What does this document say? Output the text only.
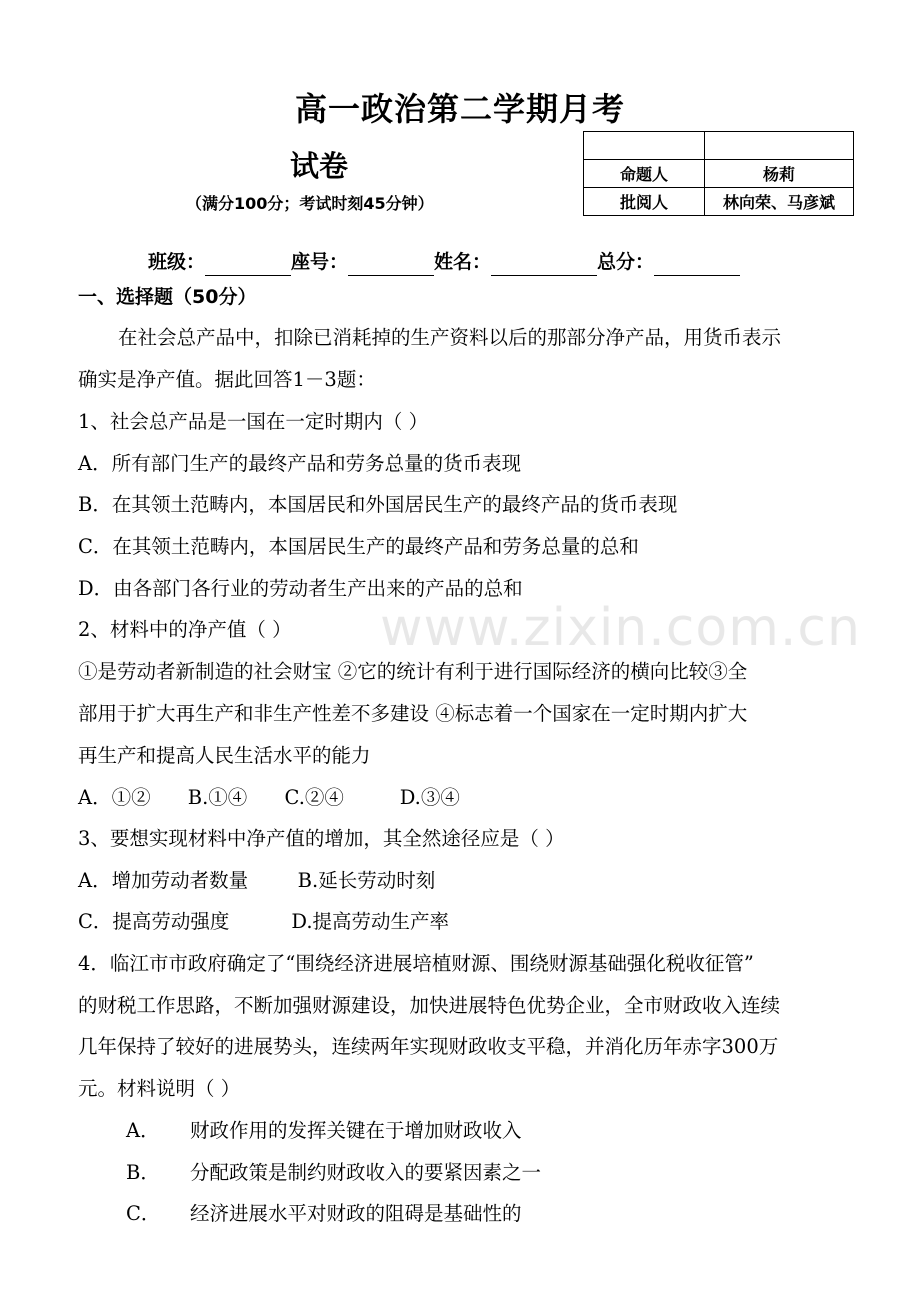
高一政治第二学期月考
试卷
（满分100分；考试时刻45分钟）

命题人	杨莉
批阅人	林向荣、马彦斌
班级：	座号：	姓名：	总分：
一、选择题（50分）
在社会总产品中，扣除已消耗掉的生产资料以后的那部分净产品，用货币表示
确实是净产值。据此回答1－3题：
1、社会总产品是一国在一定时期内（ ）
A．所有部门生产的最终产品和劳务总量的货币表现
B．在其领土范畴内，本国居民和外国居民生产的最终产品的货币表现
C．在其领土范畴内，本国居民生产的最终产品和劳务总量的总和
D．由各部门各行业的劳动者生产出来的产品的总和
2、材料中的净产值（ ）
①是劳动者新制造的社会财宝 ②它的统计有利于进行国际经济的横向比较③全
部用于扩大再生产和非生产性差不多建设 ④标志着一个国家在一定时期内扩大
再生产和提高人民生活水平的能力
A．①②      B.①④      C.②④         D.③④
3、要想实现材料中净产值的增加，其全然途径应是（ ）
A．增加劳动者数量        B.延长劳动时刻
C．提高劳动强度          D.提高劳动生产率
4．临江市市政府确定了“围绕经济进展培植财源、围绕财源基础强化税收征管”
的财税工作思路，不断加强财源建设，加快进展特色优势企业，全市财政收入连续
几年保持了较好的进展势头，连续两年实现财政收支平稳，并消化历年赤字300万
元。材料说明（ ）
A． 财政作用的发挥关键在于增加财政收入
B． 分配政策是制约财政收入的要紧因素之一
C． 经济进展水平对财政的阻碍是基础性的
www.zixin.com.cn
